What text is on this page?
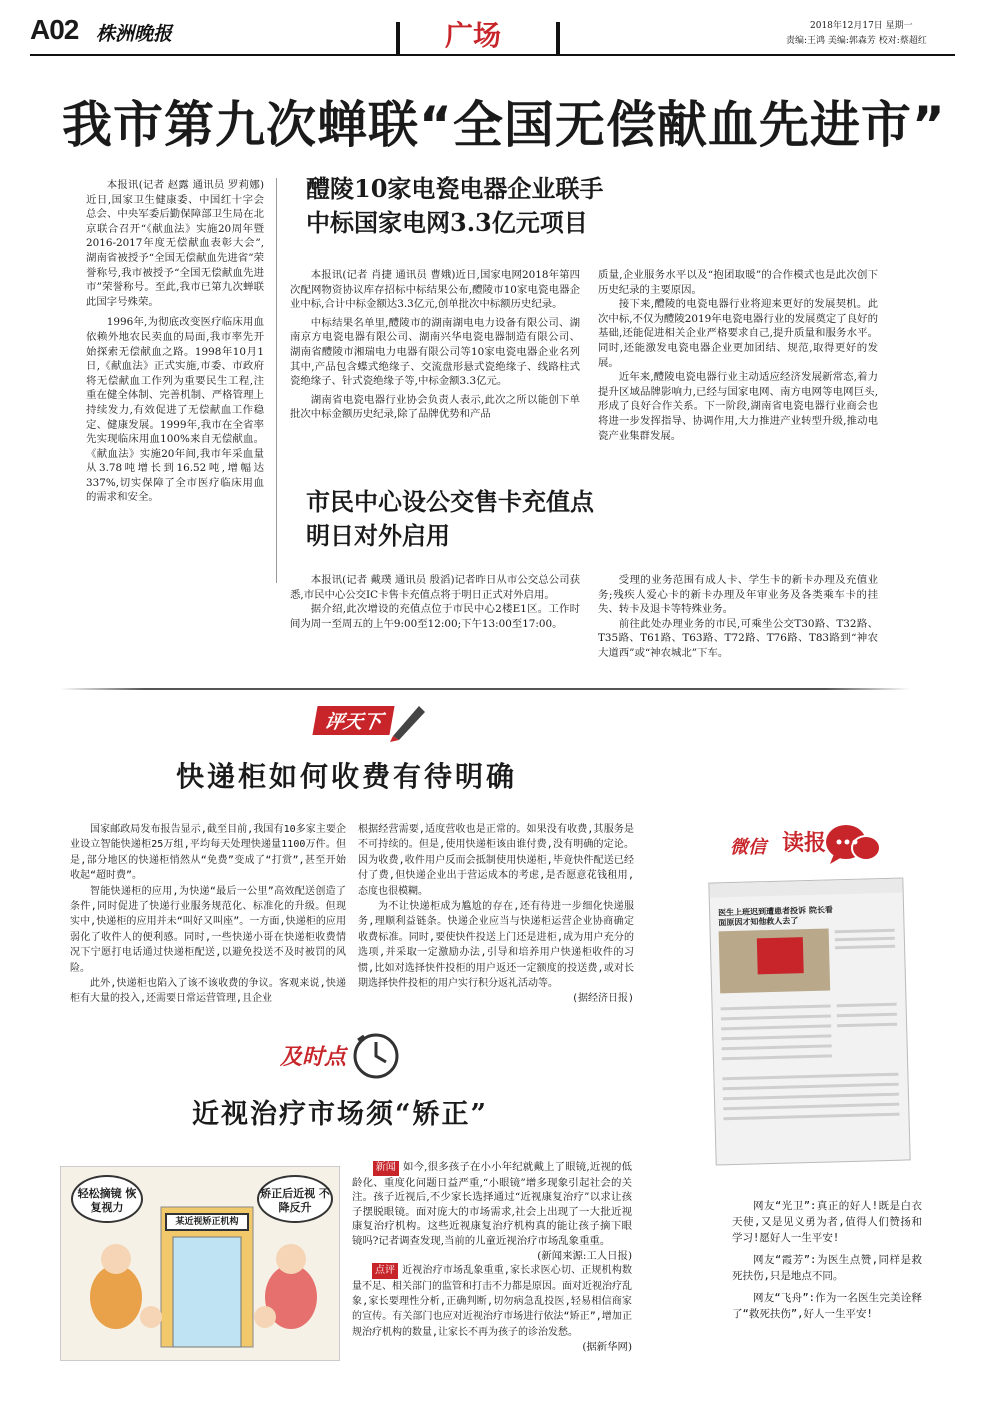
A02 株洲晚报	广场	2018年12月17日 星期一
责编:王鸿 美编:郭森芳 校对:蔡超红
我市第九次蝉联“全国无偿献血先进市”

本报讯(记者 赵露 通讯员 罗莉娜)近日,国家卫生健康委、中国红十字会总会、中央军委后勤保障部卫生局在北京联合召开“《献血法》实施20周年暨2016-2017年度无偿献血表彰大会”,湖南省被授予“全国无偿献血先进省”荣誉称号,我市被授予“全国无偿献血先进市”荣誉称号。至此,我市已第九次蝉联此国字号殊荣。

1996年,为彻底改变医疗临床用血依赖外地农民卖血的局面,我市率先开始探索无偿献血之路。1998年10月1日,《献血法》正式实施,市委、市政府将无偿献血工作列为重要民生工程,注重在健全体制、完善机制、严格管理上持续发力,有效促进了无偿献血工作稳定、健康发展。1999年,我市在全省率先实现临床用血100%来自无偿献血。《献血法》实施20年间,我市年采血量从3.78吨增长到16.52吨,增幅达337%,切实保障了全市医疗临床用血的需求和安全。

醴陵10家电瓷电器企业联手
中标国家电网3.3亿元项目

本报讯(记者 肖捷 通讯员 曹娥)近日,国家电网2018年第四次配网物资协议库存招标中标结果公布,醴陵市10家电瓷电器企业中标,合计中标金额达3.3亿元,创单批次中标额历史纪录。

中标结果名单里,醴陵市的湖南湖电电力设备有限公司、湖南京方电瓷电器有限公司、湖南兴华电瓷电器制造有限公司、湖南省醴陵市湘瑞电力电器有限公司等10家电瓷电器企业名列其中,产品包含蝶式绝缘子、交流盘形悬式瓷绝缘子、线路柱式瓷绝缘子、针式瓷绝缘子等,中标金额3.3亿元。

湖南省电瓷电器行业协会负责人表示,此次之所以能创下单批次中标金额历史纪录,除了品牌优势和产品

质量,企业服务水平以及“抱团取暖”的合作模式也是此次创下历史纪录的主要原因。

接下来,醴陵的电瓷电器行业将迎来更好的发展契机。此次中标,不仅为醴陵2019年电瓷电器行业的发展奠定了良好的基础,还能促进相关企业严格要求自己,提升质量和服务水平。同时,还能激发电瓷电器企业更加团结、规范,取得更好的发展。

近年来,醴陵电瓷电器行业主动适应经济发展新常态,着力提升区域品牌影响力,已经与国家电网、南方电网等电网巨头,形成了良好合作关系。下一阶段,湖南省电瓷电器行业商会也将进一步发挥指导、协调作用,大力推进产业转型升级,推动电瓷产业集群发展。

市民中心设公交售卡充值点
明日对外启用

本报讯(记者 戴璞 通讯员 殷滔)记者昨日从市公交总公司获悉,市民中心公交IC卡售卡充值点将于明日正式对外启用。

据介绍,此次增设的充值点位于市民中心2楼E1区。工作时间为周一至周五的上午9:00至12:00;下午13:00至17:00。

受理的业务范围有成人卡、学生卡的新卡办理及充值业务;残疾人爱心卡的新卡办理及年审业务及各类乘车卡的挂失、转卡及退卡等特殊业务。

前往此处办理业务的市民,可乘坐公交T30路、T32路、T35路、T61路、T63路、T72路、T76路、T83路到“神农大道西”或“神农城北”下车。

评天下
快递柜如何收费有待明确

国家邮政局发布报告显示,截至目前,我国有10多家主要企业设立智能快递柜25万组,平均每天处理快递量1100万件。但是,部分地区的快递柜悄然从“免费”变成了“打赏”,甚至开始收起“超时费”。

智能快递柜的应用,为快递“最后一公里”高效配送创造了条件,同时促进了快递行业服务规范化、标准化的升级。但现实中,快递柜的应用并未“叫好又叫座”。一方面,快递柜的应用弱化了收件人的便利感。同时,一些快递小哥在快递柜收费情况下宁愿打电话通过快递柜配送,以避免投送不及时被罚的风险。

此外,快递柜也陷入了该不该收费的争议。客观来说,快递柜有大量的投入,还需要日常运营管理,且企业

根据经营需要,适度营收也是正常的。如果没有收费,其服务是不可持续的。但是,使用快递柜该由谁付费,没有明确的定论。因为收费,收件用户反而会抵制使用快递柜,毕竟快件配送已经付了费,但快递企业出于营运成本的考虑,是否愿意花钱租用,态度也很模糊。

为不让快递柜成为尴尬的存在,还有待进一步细化快递服务,理顺利益链条。快递企业应当与快递柜运营企业协商确定收费标准。同时,要使快件投送上门还是进柜,成为用户充分的选项,并采取一定激励办法,引导和培养用户快递柜收件的习惯,比如对选择快件投柜的用户返还一定额度的投送费,或对长期选择快件投柜的用户实行积分返礼活动等。

(据经济日报)

微信 读报
医生上班迟到遭患者投诉 院长看面原因才知他救人去了

网友“光卫”:真正的好人!既是白衣天使,又是见义勇为者,值得人们赞扬和学习!愿好人一生平安!

网友“霞芳”:为医生点赞,同样是救死扶伤,只是地点不同。

网友“飞舟”:作为一名医生完美诠释了“救死扶伤”,好人一生平安!

及时点
近视治疗市场须“矫正”
轻松摘镜 恢复视力
某近视矫正机构
矫正后近视 不降反升

新闻 如今,很多孩子在小小年纪就戴上了眼镜,近视的低龄化、重度化问题日益严重,“小眼镜”增多现象引起社会的关注。孩子近视后,不少家长选择通过“近视康复治疗”以求让孩子摆脱眼镜。面对庞大的市场需求,社会上出现了一大批近视康复治疗机构。这些近视康复治疗机构真的能让孩子摘下眼镜吗?记者调查发现,当前的儿童近视治疗市场乱象重重。

(新闻来源:工人日报)

点评 近视治疗市场乱象重重,家长求医心切、正规机构数量不足、相关部门的监管和打击不力都是原因。面对近视治疗乱象,家长要理性分析,正确判断,切勿病急乱投医,轻易相信商家的宣传。有关部门也应对近视治疗市场进行依法“矫正”,增加正规治疗机构的数量,让家长不再为孩子的诊治发愁。

(据新华网)
